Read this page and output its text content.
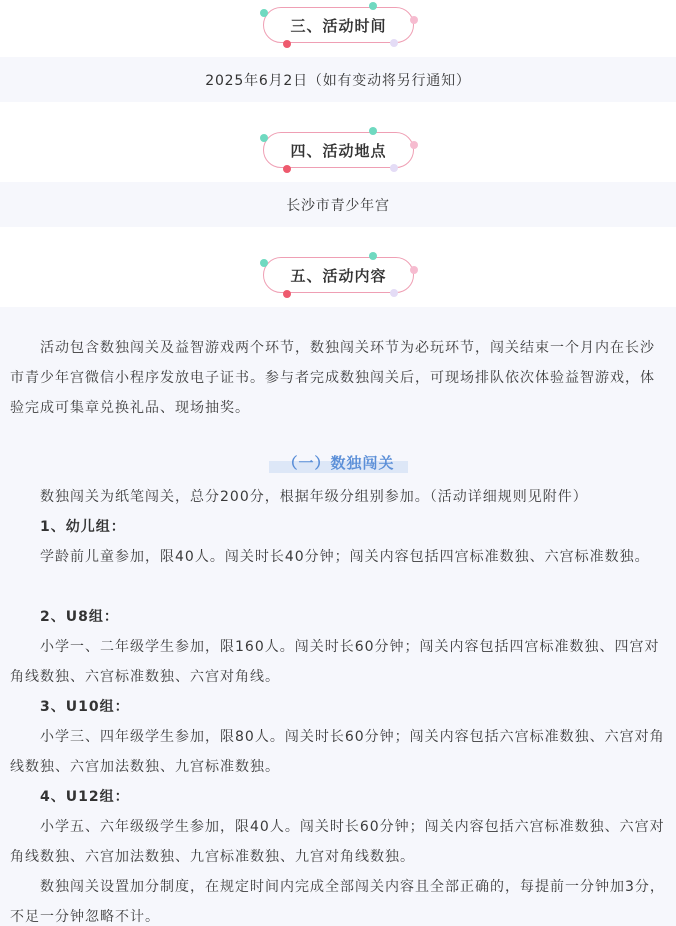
三、活动时间
2025年6月2日（如有变动将另行通知）
四、活动地点
长沙市青少年宫
五、活动内容

活动包含数独闯关及益智游戏两个环节，数独闯关环节为必玩环节，闯关结束一个月内在长沙市青少年宫微信小程序发放电子证书。参与者完成数独闯关后，可现场排队依次体验益智游戏，体验完成可集章兑换礼品、现场抽奖。

（一）数独闯关

数独闯关为纸笔闯关，总分200分，根据年级分组别参加。（活动详细规则见附件）

1、幼儿组：

学龄前儿童参加，限40人。闯关时长40分钟；闯关内容包括四宫标准数独、六宫标准数独。

2、U8组：

小学一、二年级学生参加，限160人。闯关时长60分钟；闯关内容包括四宫标准数独、四宫对角线数独、六宫标准数独、六宫对角线。

3、U10组：

小学三、四年级学生参加，限80人。闯关时长60分钟；闯关内容包括六宫标准数独、六宫对角线数独、六宫加法数独、九宫标准数独。

4、U12组：

小学五、六年级级学生参加，限40人。闯关时长60分钟；闯关内容包括六宫标准数独、六宫对角线数独、六宫加法数独、九宫标准数独、九宫对角线数独。

数独闯关设置加分制度，在规定时间内完成全部闯关内容且全部正确的，每提前一分钟加3分，不足一分钟忽略不计。
